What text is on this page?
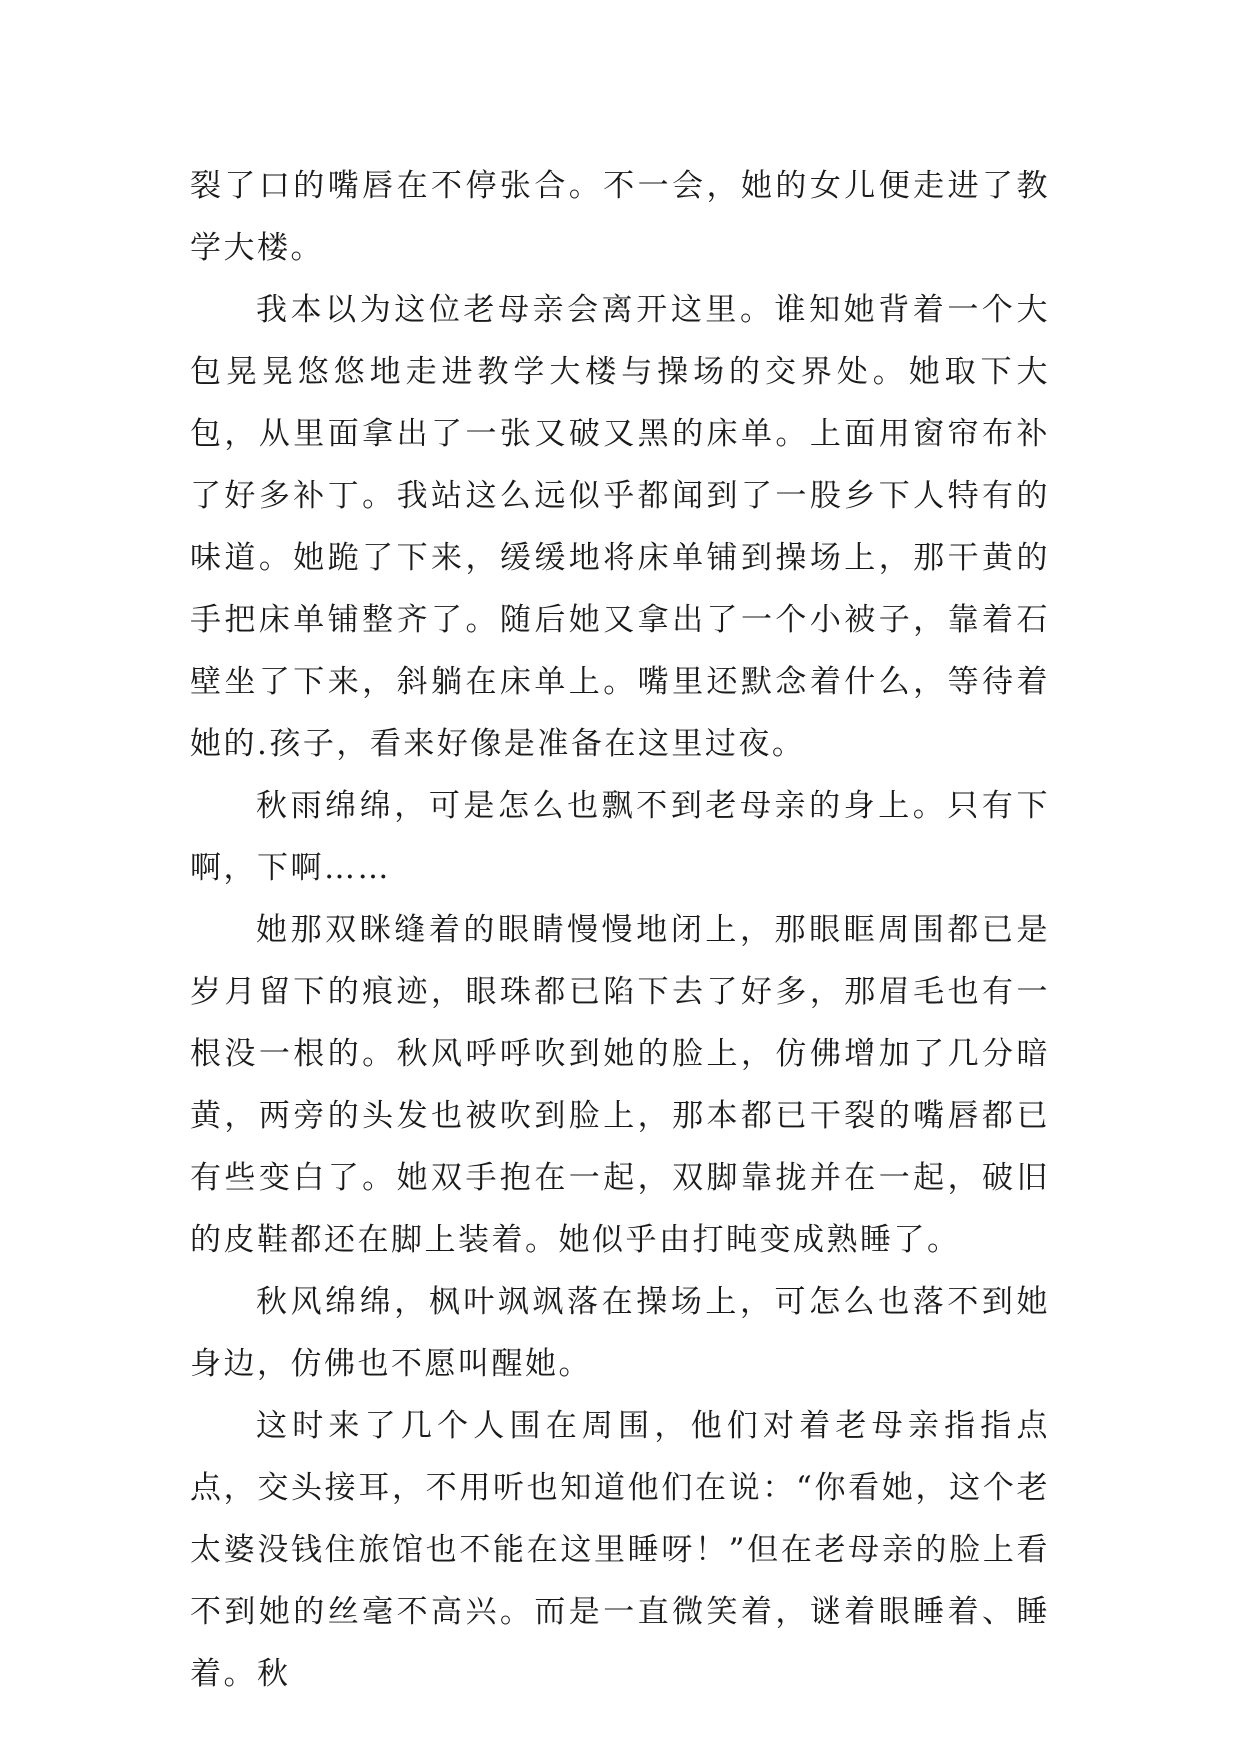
裂了口的嘴唇在不停张合。不一会，她的女儿便走进了教学大楼。

我本以为这位老母亲会离开这里。谁知她背着一个大包晃晃悠悠地走进教学大楼与操场的交界处。她取下大包，从里面拿出了一张又破又黑的床单。上面用窗帘布补了好多补丁。我站这么远似乎都闻到了一股乡下人特有的味道。她跪了下来，缓缓地将床单铺到操场上，那干黄的手把床单铺整齐了。随后她又拿出了一个小被子，靠着石壁坐了下来，斜躺在床单上。嘴里还默念着什么，等待着她的.孩子，看来好像是准备在这里过夜。

秋雨绵绵，可是怎么也飘不到老母亲的身上。只有下啊，下啊……

她那双眯缝着的眼睛慢慢地闭上，那眼眶周围都已是岁月留下的痕迹，眼珠都已陷下去了好多，那眉毛也有一根没一根的。秋风呼呼吹到她的脸上，仿佛增加了几分暗黄，两旁的头发也被吹到脸上，那本都已干裂的嘴唇都已有些变白了。她双手抱在一起，双脚靠拢并在一起，破旧的皮鞋都还在脚上装着。她似乎由打盹变成熟睡了。

秋风绵绵，枫叶飒飒落在操场上，可怎么也落不到她身边，仿佛也不愿叫醒她。

这时来了几个人围在周围，他们对着老母亲指指点点，交头接耳，不用听也知道他们在说：“你看她，这个老太婆没钱住旅馆也不能在这里睡呀！”但在老母亲的脸上看不到她的丝毫不高兴。而是一直微笑着，谜着眼睡着、睡着。秋
